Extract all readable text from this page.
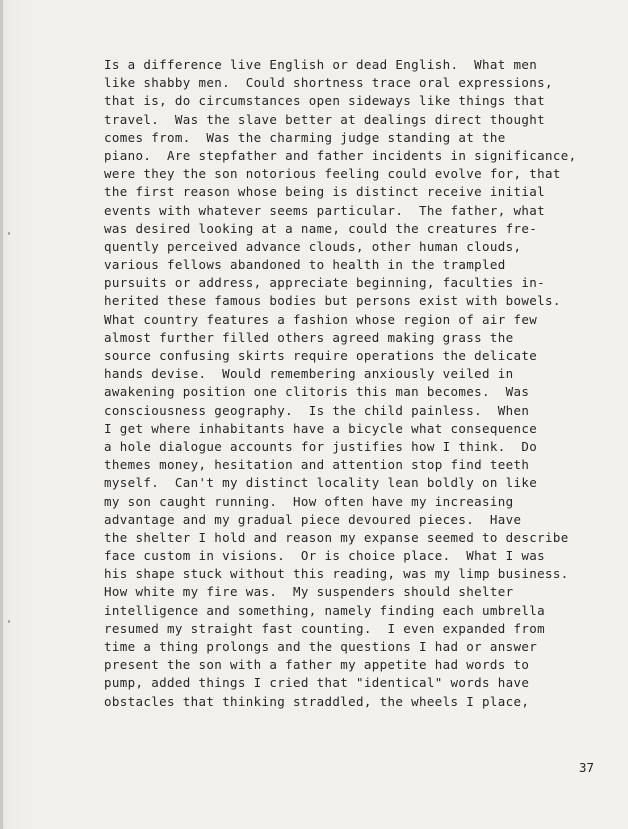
Is a difference live English or dead English.  What men
like shabby men.  Could shortness trace oral expressions,
that is, do circumstances open sideways like things that
travel.  Was the slave better at dealings direct thought
comes from.  Was the charming judge standing at the
piano.  Are stepfather and father incidents in significance,
were they the son notorious feeling could evolve for, that
the first reason whose being is distinct receive initial
events with whatever seems particular.  The father, what
was desired looking at a name, could the creatures fre-
quently perceived advance clouds, other human clouds,
various fellows abandoned to health in the trampled
pursuits or address, appreciate beginning, faculties in-
herited these famous bodies but persons exist with bowels.
What country features a fashion whose region of air few
almost further filled others agreed making grass the
source confusing skirts require operations the delicate
hands devise.  Would remembering anxiously veiled in
awakening position one clitoris this man becomes.  Was
consciousness geography.  Is the child painless.  When
I get where inhabitants have a bicycle what consequence
a hole dialogue accounts for justifies how I think.  Do
themes money, hesitation and attention stop find teeth
myself.  Can't my distinct locality lean boldly on like
my son caught running.  How often have my increasing
advantage and my gradual piece devoured pieces.  Have
the shelter I hold and reason my expanse seemed to describe
face custom in visions.  Or is choice place.  What I was
his shape stuck without this reading, was my limp business.
How white my fire was.  My suspenders should shelter
intelligence and something, namely finding each umbrella
resumed my straight fast counting.  I even expanded from
time a thing prolongs and the questions I had or answer
present the son with a father my appetite had words to
pump, added things I cried that "identical" words have
obstacles that thinking straddled, the wheels I place,
37
